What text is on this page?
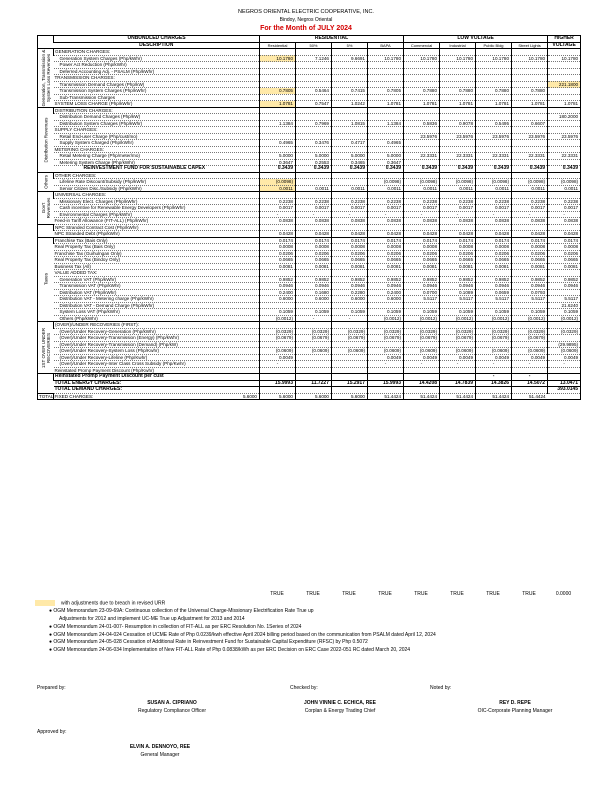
NEGROS ORIENTAL ELECTRIC COOPERATIVE, INC.
Bindoy, Negros Oriental
For the Month of JULY 2024
	UNBUNDLED CHARGES	RESIDENTIAL				LOW VOLTAGE				HIGHER
	DESCRIPTION	Residential	50%	5%	BAPA	Commercial	Industrial	Public Bldg	Street Lights	VOLTAGE

Generation, Transmission & System Loss Revenues	GENERATION CHARGES:									
	Generation System Charges (Php/kWhr)	10.1780	7.1246	9.6691	10.1780	10.1780	10.1780	10.1780	10.1780	10.1780
	Power Act Reduction (Php/kWhr)									
	Deferred Accounting Adj. - PSALM (Php/kWhr)									
	TRANSMISSION CHARGES:									
	Transmission Demand Charges (Php/kW)									221.1800
	Transmission System Charges (Php/kWhr)	0.7805	0.5464	0.7415	0.7805	0.7880	0.7880	0.7880	0.7880	
	Sub-Transmission Charges									
	SYSTEM LOSS CHARGE (Php/kWhr)	1.0781	0.7547	1.0242	1.0781	1.0781	1.0781	1.0781	1.0781	1.0781

Distribution Revenues	DISTRIBUTION CHARGES:									
	Distribution Demand Charges (Php/kW)									180.2000
	Distribution System Charges (Php/kWhr)	1.1384	0.7969	1.0815	1.1384	0.5836	0.9078	0.5495	0.6607	
	SUPPLY CHARGES:									
	Retail End-user Charge (Php/cust/mo)					23.5976	23.5976	23.5976	23.5976	23.5976
	Supply System Charged (Php/kWhr)	0.4965	0.3476	0.4717	0.4965					
	METERING CHARGES:									
	Retail Metering Charge (Php/meter/mo)	5.0000	5.0000	5.0000	5.0000	22.3331	22.3331	22.3331	22.3331	22.3331
	Metering System Charge (Php/kWhr)	0.3647	0.2553	0.3465	0.3647					
	REINVESTMENT FUND FOR SUSTAINABLE CAPEX	0.3439	0.3439	0.3439	0.3439	0.3439	0.3439	0.3439	0.3439	0.3439

Others	OTHER CHARGES:									
	Lifeline Rate Discount/Subsidy (Php/kWhr)	(0.0098)			(0.0098)	(0.0098)	(0.0098)	(0.0098)	(0.0098)	(0.0098)
	Senior Citizen Disc./Subsidy (Php/kWhr)	0.0011	0.0011	0.0011	0.0011	0.0011	0.0011	0.0011	0.0011	0.0011

Gov't Revenues	UNIVERSAL CHARGES:									
	Missionary Elect. Charges (Php/kWhr)	0.2238	0.2238	0.2238	0.2238	0.2238	0.2238	0.2238	0.2238	0.2238
	Cash incentive for Renewable Energy Developers (Php/kWhr)	0.0017	0.0017	0.0017	0.0017	0.0017	0.0017	0.0017	0.0017	0.0017
	Environmental Charges (Php/kWhr)	-	-	-	-	-	-	-	-	-
	Feed-in Tariff Allowance (FIT-ALL) (Php/kWhr)	0.0838	0.0838	0.0838	0.0838	0.0838	0.0838	0.0838	0.0838	0.0838
	NPC Stranded Contract Cost (Php/kWhr)									
	NPC Stranded Debt (Php/kWhr)	0.0428	0.0428	0.0428	0.0428	0.0428	0.0428	0.0428	0.0428	0.0428

Taxes	Franchise Tax (Bais Only)	0.0174	0.0174	0.0174	0.0174	0.0174	0.0174	0.0174	0.0174	0.0174
	Real Property Tax (Bais Only)	0.0008	0.0008	0.0008	0.0008	0.0008	0.0008	0.0008	0.0008	0.0008
	Franchise Tax (Guihulngan Only)	0.0206	0.0206	0.0206	0.0206	0.0206	0.0206	0.0206	0.0206	0.0206
	Real Property Tax (Bindoy Only)	0.0665	0.0665	0.0665	0.0665	0.0665	0.0665	0.0665	0.0665	0.0665
	Business Tax (All)	0.0081	0.0081	0.0081	0.0081	0.0081	0.0081	0.0081	0.0081	0.0081
	VALUE ADDED TAX:									
	Generation VAT (Php/kWhr)	0.9852	0.9852	0.9852	0.9852	0.9852	0.9852	0.9852	0.9852	0.9852
	Transmission VAT (Php/kWhr)	0.0946	0.0946	0.0946	0.0946	0.0946	0.0946	0.0946	0.0946	0.0946
	Distribution VAT (Php/kWhr)	0.2400	0.1680	0.2280	0.2400	0.0700	0.1089	0.0659	0.0793	
	Distribution VAT - Metering charge (Php/kWhr)	0.6000	0.6000	0.6000	0.6000	5.5117	5.5117	5.5117	5.5117	5.5117
	Distribution VAT - Demand Charge (Php/kWhr)									21.6240
	System Loss VAT (Php/kWhr)	0.1059	0.1059	0.1059	0.1059	0.1059	0.1059	0.1059	0.1059	0.1059
	Others (Php/kWhr)	(0.0012)	-	-	(0.0012)	(0.0012)	(0.0012)	(0.0012)	(0.0012)	(0.0012)

1ST OVER UNDER RECOVERIES	(OVER)/UNDER RECOVERIES (FIRST):									
	(Over)/Under Recovery-Generation (Php/kWhr)	(0.0329)	(0.0329)	(0.0329)	(0.0329)	(0.0329)	(0.0329)	(0.0329)	(0.0329)	(0.0329)
	(Over)/Under Recovery-Transmission (Energy) (Php/kWhr)	(0.0679)	(0.0679)	(0.0679)	(0.0679)	(0.0679)	(0.0679)	(0.0679)	(0.0679)	
	(Over)/Under Recovery-Transmission (Demand) (Php/kW)									(29.9895)
	(Over)/Under Recovery-System Loss (Php/Kwhr)	(0.0609)	(0.0609)	(0.0609)	(0.0609)	(0.0609)	(0.0609)	(0.0609)	(0.0609)	(0.0609)
	(Over)/Under Recovery-Lifeline (Php/Kwhr)	0.0049			0.0049	0.0049	0.0049	0.0049	0.0049	0.0049
	(Over)/Under Recovery-Inter Class Cross Subsidy (Php/Kwhr)	-			-	-	-	-	-	-
	Reinstated Promp Payment Discount (Php/Kwhr)									
	Reinstated Promp Payment Discount per cust							-	-	
	TOTAL ENERGY CHARGES:	15.9993	11.7227	15.2917	15.9993	14.4208	14.7839	14.3826	14.5072	13.0471
	TOTAL DEMAND CHARGES:									393.0145
TOTAL FIXED CHARGES:	5.6000	5.6000	5.6000	5.6000	51.4424	51.4424	51.4424	51.4424	51.4424	
TRUE	TRUE	TRUE	TRUE	TRUE	TRUE	TRUE	TRUE	0.0000
with adjustments due to breach in revised URR
● OGM Memorandum 23-09-69A: Continuous collection of the Universal Charge-Missionary Electrification Rate True up
Adjustments for 2012 and implement UC-ME True up Adjustment for 2013 and 2014
● OGM Memorandum 24-01-007- Resumption in collection of FIT-ALL as per ERC Resolution No. 1Series of 2024
● OGM Memorandum 24-04-024 Cessation of UCME Rate of Php 0.0239/kwh effective April 2024 billing period based on the communication from PSALM dated April 12, 2024
● OGM Memorandum 24-05-028 Cessation of Additional Rate in Reinvestment Fund for Sustainable Capital Expenditure (RFSC) by Php 0.5072
● OGM Memorandum 24-06-034 Implementation of New FIT-ALL Rate of Php 0.0838/kWh as per ERC Decision on ERC Case 2022-051 RC dated March 20, 2024
Prepared by:
SUSAN A. CIPRIANO
Regulatory Compliance Officer
Checked by:
JOHN VINNIE C. ECHICA, REE
Corplan & Energy Trading Chief
Noted by:
REY D. REPE
OIC-Corporate Planning Manager
Approved by:
ELVIN A. DENNOYO, REE
General Manager
